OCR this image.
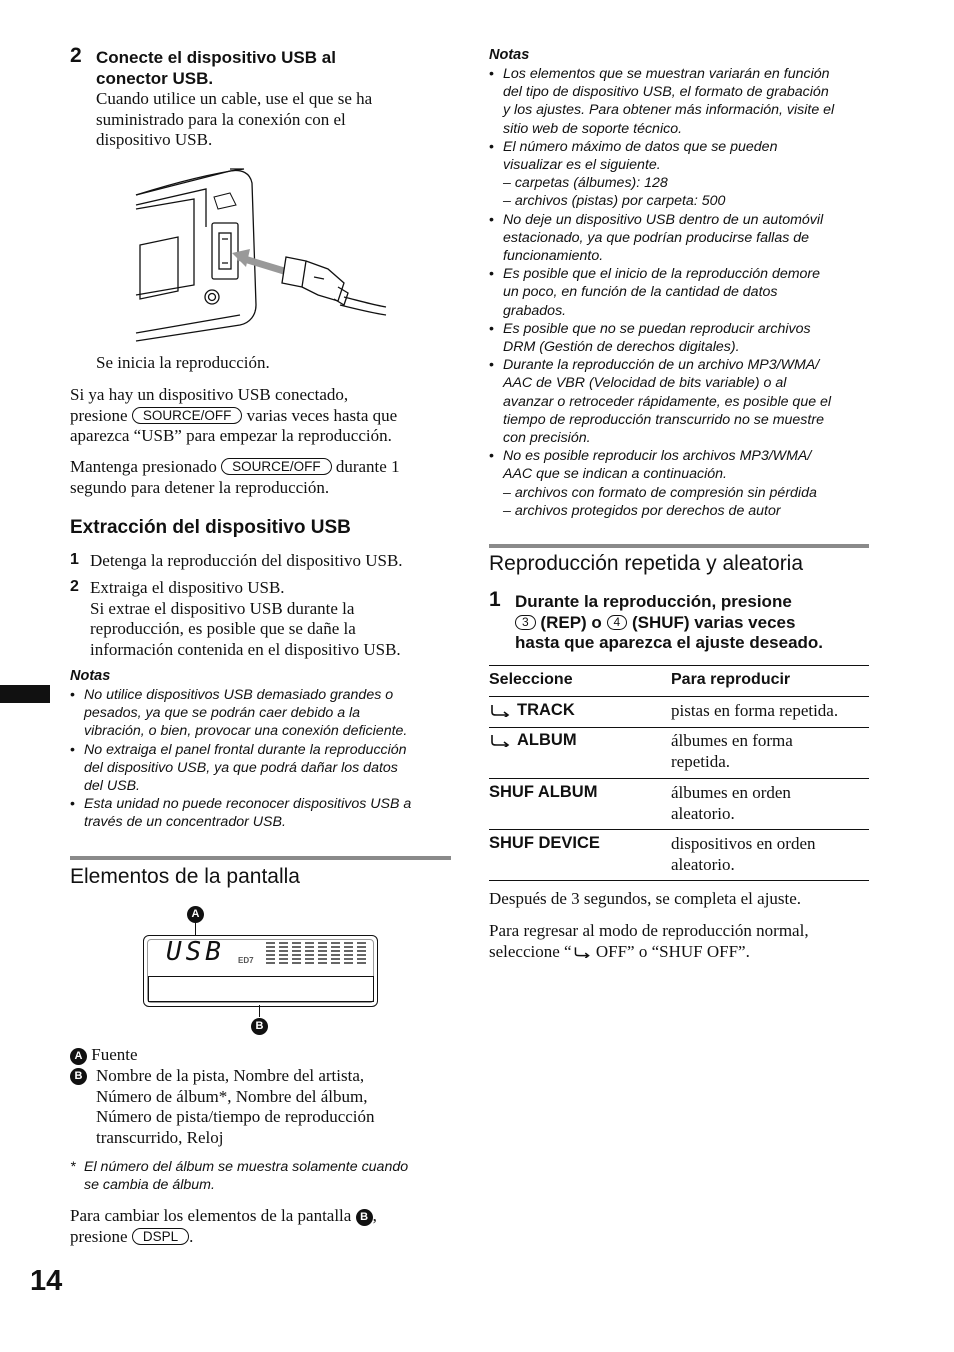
2 Conecte el dispositivo USB al
conector USB.
Cuando utilice un cable, use el que se ha
suministrado para la conexión con el
dispositivo USB.
Se inicia la reproducción.
Si ya hay un dispositivo USB conectado,
presione SOURCE/OFF varias veces hasta que
aparezca “USB” para empezar la reproducción.
Mantenga presionado SOURCE/OFF durante 1
segundo para detener la reproducción.
Extracción del dispositivo USB
1 Detenga la reproducción del dispositivo USB.
2 Extraiga el dispositivo USB.
Si extrae el dispositivo USB durante la
reproducción, es posible que se dañe la
información contenida en el dispositivo USB.
Notas
• No utilice dispositivos USB demasiado grandes o
pesados, ya que se podrán caer debido a la
vibración, o bien, provocar una conexión deficiente.
• No extraiga el panel frontal durante la reproducción
del dispositivo USB, ya que podrá dañar los datos
del USB.
• Esta unidad no puede reconocer dispositivos USB a
través de un concentrador USB.
Elementos de la pantalla
A
USB ED7
B
A Fuente
B Nombre de la pista, Nombre del artista,
Número de álbum*, Nombre del álbum,
Número de pista/tiempo de reproducción
transcurrido, Reloj
* El número del álbum se muestra solamente cuando
se cambia de álbum.
Para cambiar los elementos de la pantalla B ,
presione DSPL .
14
Notas
• Los elementos que se muestran variarán en función
del tipo de dispositivo USB, el formato de grabación
y los ajustes. Para obtener más información, visite el
sitio web de soporte técnico.
• El número máximo de datos que se pueden
visualizar es el siguiente.
– carpetas (álbumes): 128
– archivos (pistas) por carpeta: 500
• No deje un dispositivo USB dentro de un automóvil
estacionado, ya que podrían producirse fallas de
funcionamiento.
• Es posible que el inicio de la reproducción demore
un poco, en función de la cantidad de datos
grabados.
• Es posible que no se puedan reproducir archivos
DRM (Gestión de derechos digitales).
• Durante la reproducción de un archivo MP3/WMA/
AAC de VBR (Velocidad de bits variable) o al
avanzar o retroceder rápidamente, es posible que el
tiempo de reproducción transcurrido no se muestre
con precisión.
• No es posible reproducir los archivos MP3/WMA/
AAC que se indican a continuación.
– archivos con formato de compresión sin pérdida
– archivos protegidos por derechos de autor
Reproducción repetida y aleatoria
1 Durante la reproducción, presione
3 (REP) o 4 (SHUF) varias veces
hasta que aparezca el ajuste deseado.
Seleccione	Para reproducir
TRACK	pistas en forma repetida.
ALBUM	álbumes en forma
repetida.
SHUF ALBUM	álbumes en orden
aleatorio.
SHUF DEVICE	dispositivos en orden
aleatorio.
Después de 3 segundos, se completa el ajuste.
Para regresar al modo de reproducción normal,
seleccione “ OFF” o “SHUF OFF”.
